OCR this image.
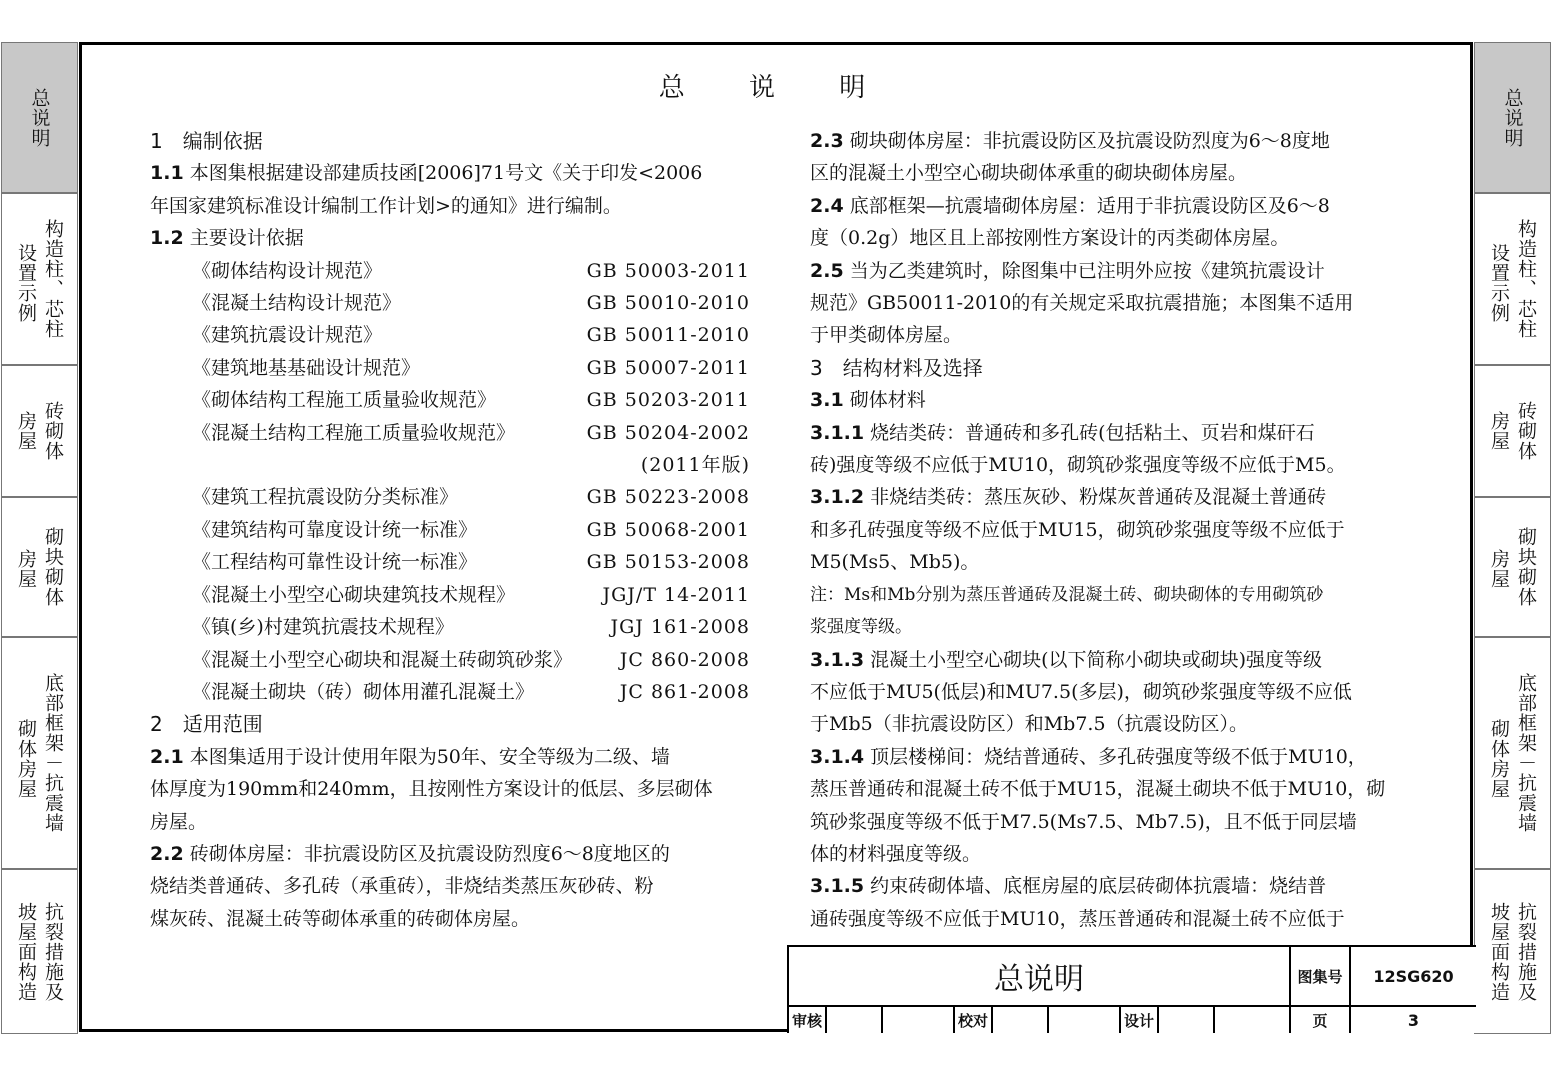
总说明
构造柱、芯柱
设置示例
砖砌体
房屋
砌块砌体
房屋
底部框架－抗震墙
砌体房屋
抗裂措施及
坡屋面构造
总说明
构造柱、芯柱
设置示例
砖砌体
房屋
砌块砌体
房屋
底部框架－抗震墙
砌体房屋
抗裂措施及
坡屋面构造
总 说 明
1　编制依据
1.1 本图集根据建设部建质技函[2006]71号文《关于印发<2006
年国家建筑标准设计编制工作计划>的通知》进行编制。
1.2 主要设计依据
《砌体结构设计规范》	GB 50003-2011
《混凝土结构设计规范》	GB 50010-2010
《建筑抗震设计规范》	GB 50011-2010
《建筑地基基础设计规范》	GB 50007-2011
《砌体结构工程施工质量验收规范》	GB 50203-2011
《混凝土结构工程施工质量验收规范》	GB 50204-2002
(2011年版)
《建筑工程抗震设防分类标准》	GB 50223-2008
《建筑结构可靠度设计统一标准》	GB 50068-2001
《工程结构可靠性设计统一标准》	GB 50153-2008
《混凝土小型空心砌块建筑技术规程》	JGJ/T 14-2011
《镇(乡)村建筑抗震技术规程》	JGJ 161-2008
《混凝土小型空心砌块和混凝土砖砌筑砂浆》	JC 860-2008
《混凝土砌块（砖）砌体用灌孔混凝土》	JC 861-2008
2　适用范围
2.1 本图集适用于设计使用年限为50年、安全等级为二级、墙
体厚度为190mm和240mm，且按刚性方案设计的低层、多层砌体
房屋。
2.2 砖砌体房屋：非抗震设防区及抗震设防烈度6～8度地区的
烧结类普通砖、多孔砖（承重砖），非烧结类蒸压灰砂砖、粉
煤灰砖、混凝土砖等砌体承重的砖砌体房屋。
2.3 砌块砌体房屋：非抗震设防区及抗震设防烈度为6～8度地
区的混凝土小型空心砌块砌体承重的砌块砌体房屋。
2.4 底部框架—抗震墙砌体房屋：适用于非抗震设防区及6～8
度（0.2g）地区且上部按刚性方案设计的丙类砌体房屋。
2.5 当为乙类建筑时，除图集中已注明外应按《建筑抗震设计
规范》GB50011-2010的有关规定采取抗震措施；本图集不适用
于甲类砌体房屋。
3　结构材料及选择
3.1 砌体材料
3.1.1 烧结类砖：普通砖和多孔砖(包括粘土、页岩和煤矸石
砖)强度等级不应低于MU10，砌筑砂浆强度等级不应低于M5。
3.1.2 非烧结类砖：蒸压灰砂、粉煤灰普通砖及混凝土普通砖
和多孔砖强度等级不应低于MU15，砌筑砂浆强度等级不应低于
M5(Ms5、Mb5)。
注：Ms和Mb分别为蒸压普通砖及混凝土砖、砌块砌体的专用砌筑砂
浆强度等级。
3.1.3 混凝土小型空心砌块(以下简称小砌块或砌块)强度等级
不应低于MU5(低层)和MU7.5(多层)，砌筑砂浆强度等级不应低
于Mb5（非抗震设防区）和Mb7.5（抗震设防区）。
3.1.4 顶层楼梯间：烧结普通砖、多孔砖强度等级不低于MU10，
蒸压普通砖和混凝土砖不低于MU15，混凝土砌块不低于MU10，砌
筑砂浆强度等级不低于M7.5(Ms7.5、Mb7.5)，且不低于同层墙
体的材料强度等级。
3.1.5 约束砖砌体墙、底框房屋的底层砖砌体抗震墙：烧结普
通砖强度等级不应低于MU10，蒸压普通砖和混凝土砖不应低于
总说明	图集号	12SG620
审核	校对	设计	页	3
